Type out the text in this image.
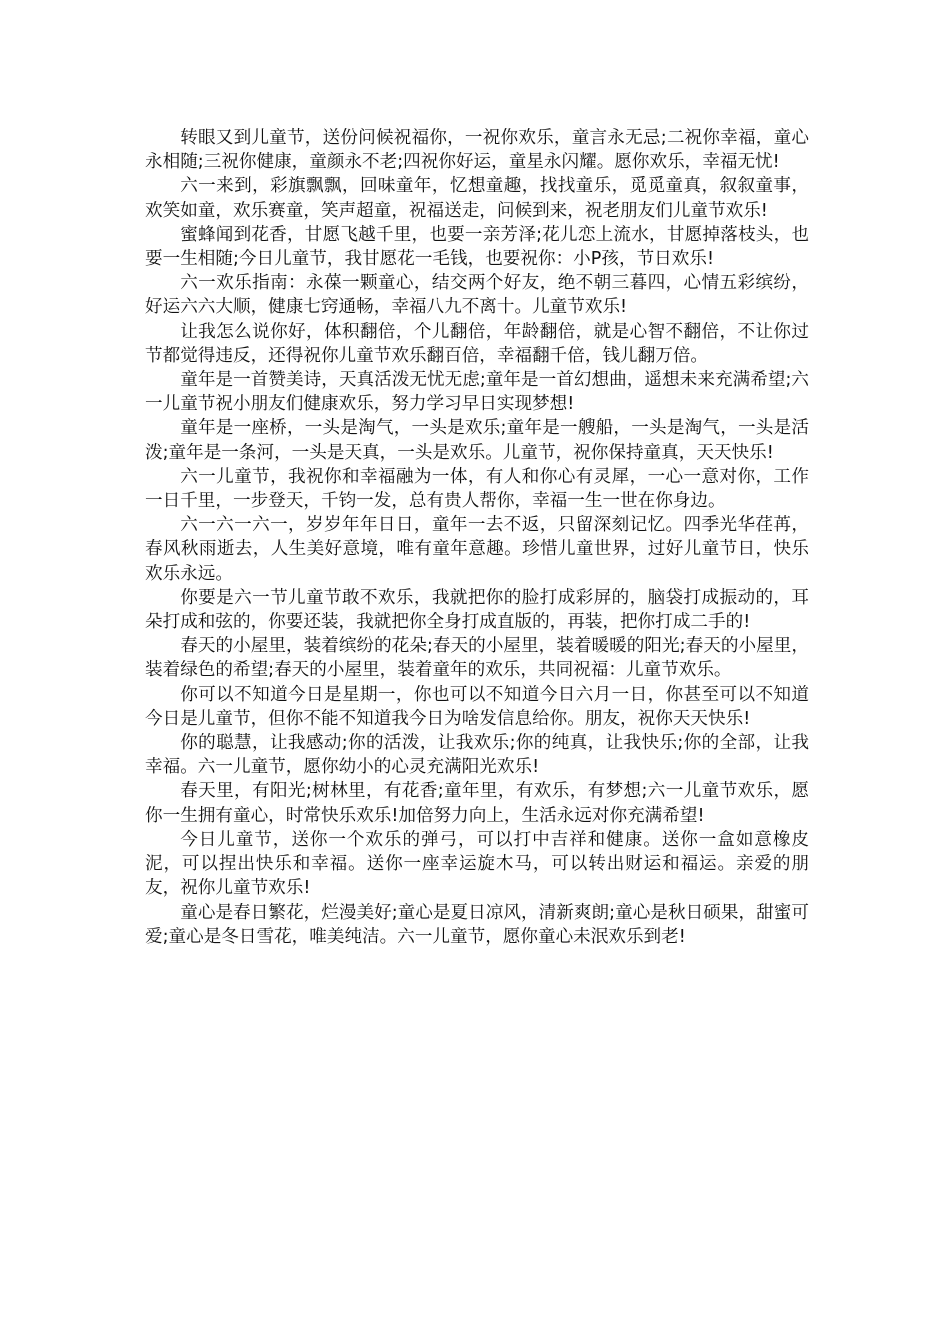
转眼又到儿童节，送份问候祝福你，一祝你欢乐，童言永无忌;二祝你幸福，童心永相随;三祝你健康，童颜永不老;四祝你好运，童星永闪耀。愿你欢乐，幸福无忧!

六一来到，彩旗飘飘，回味童年，忆想童趣，找找童乐，觅觅童真，叙叙童事，欢笑如童，欢乐赛童，笑声超童，祝福送走，问候到来，祝老朋友们儿童节欢乐!

蜜蜂闻到花香，甘愿飞越千里，也要一亲芳泽;花儿恋上流水，甘愿掉落枝头，也要一生相随;今日儿童节，我甘愿花一毛钱，也要祝你：小P孩，节日欢乐!

六一欢乐指南：永葆一颗童心，结交两个好友，绝不朝三暮四，心情五彩缤纷，好运六六大顺，健康七窍通畅，幸福八九不离十。儿童节欢乐!

让我怎么说你好，体积翻倍，个儿翻倍，年龄翻倍，就是心智不翻倍，不让你过节都觉得违反，还得祝你儿童节欢乐翻百倍，幸福翻千倍，钱儿翻万倍。

童年是一首赞美诗，天真活泼无忧无虑;童年是一首幻想曲，遥想未来充满希望;六一儿童节祝小朋友们健康欢乐，努力学习早日实现梦想!

童年是一座桥，一头是淘气，一头是欢乐;童年是一艘船，一头是淘气，一头是活泼;童年是一条河，一头是天真，一头是欢乐。儿童节，祝你保持童真，天天快乐!

六一儿童节，我祝你和幸福融为一体，有人和你心有灵犀，一心一意对你，工作一日千里，一步登天，千钧一发，总有贵人帮你，幸福一生一世在你身边。

六一六一六一，岁岁年年日日，童年一去不返，只留深刻记忆。四季光华荏苒，春风秋雨逝去，人生美好意境，唯有童年意趣。珍惜儿童世界，过好儿童节日，快乐欢乐永远。

你要是六一节儿童节敢不欢乐，我就把你的脸打成彩屏的，脑袋打成振动的，耳朵打成和弦的，你要还装，我就把你全身打成直版的，再装，把你打成二手的!

春天的小屋里，装着缤纷的花朵;春天的小屋里，装着暖暖的阳光;春天的小屋里，装着绿色的希望;春天的小屋里，装着童年的欢乐，共同祝福：儿童节欢乐。

你可以不知道今日是星期一，你也可以不知道今日六月一日，你甚至可以不知道今日是儿童节，但你不能不知道我今日为啥发信息给你。朋友，祝你天天快乐!

你的聪慧，让我感动;你的活泼，让我欢乐;你的纯真，让我快乐;你的全部，让我幸福。六一儿童节，愿你幼小的心灵充满阳光欢乐!

春天里，有阳光;树林里，有花香;童年里，有欢乐，有梦想;六一儿童节欢乐，愿你一生拥有童心，时常快乐欢乐!加倍努力向上，生活永远对你充满希望!

今日儿童节，送你一个欢乐的弹弓，可以打中吉祥和健康。送你一盒如意橡皮泥，可以捏出快乐和幸福。送你一座幸运旋木马，可以转出财运和福运。亲爱的朋友，祝你儿童节欢乐!

童心是春日繁花，烂漫美好;童心是夏日凉风，清新爽朗;童心是秋日硕果，甜蜜可爱;童心是冬日雪花，唯美纯洁。六一儿童节，愿你童心未泯欢乐到老!
